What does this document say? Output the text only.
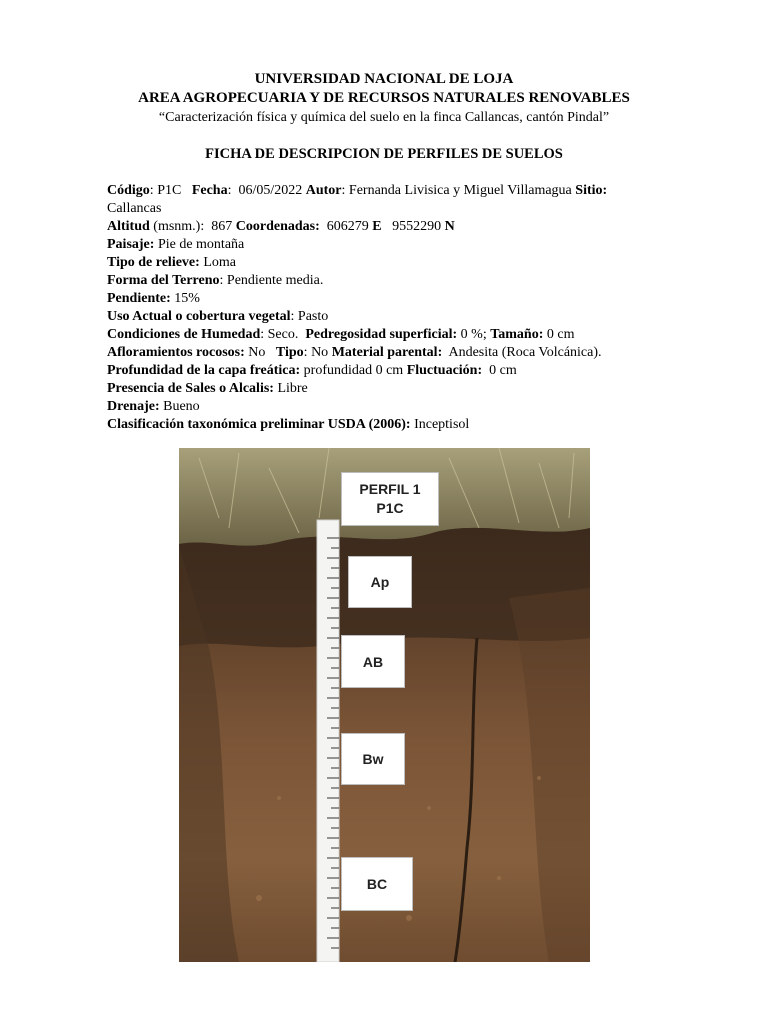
UNIVERSIDAD NACIONAL DE LOJA
AREA AGROPECUARIA Y DE RECURSOS NATURALES RENOVABLES
“Caracterización física y química del suelo en la finca Callancas, cantón Pindal”
FICHA DE DESCRIPCION DE PERFILES DE SUELOS
Código: P1C Fecha:  06/05/2022 Autor: Fernanda Livisica y Miguel Villamagua Sitio:
Callancas
Altitud (msnm.): 867 Coordenadas: 606279 E 9552290 N
Paisaje: Pie de montaña
Tipo de relieve: Loma
Forma del Terreno: Pendiente media.
Pendiente: 15%
Uso Actual o cobertura vegetal: Pasto
Condiciones de Humedad: Seco. Pedregosidad superficial: 0 %; Tamaño: 0 cm
Afloramientos rocosos: No Tipo: No Material parental: Andesita (Roca Volcánica).
Profundidad de la capa freática: profundidad 0 cm Fluctuación: 0 cm
Presencia de Sales o Alcalis: Libre
Drenaje: Bueno
Clasificación taxonómica preliminar USDA (2006): Inceptisol
PERFIL 1
P1C
Ap
AB
Bw
BC
